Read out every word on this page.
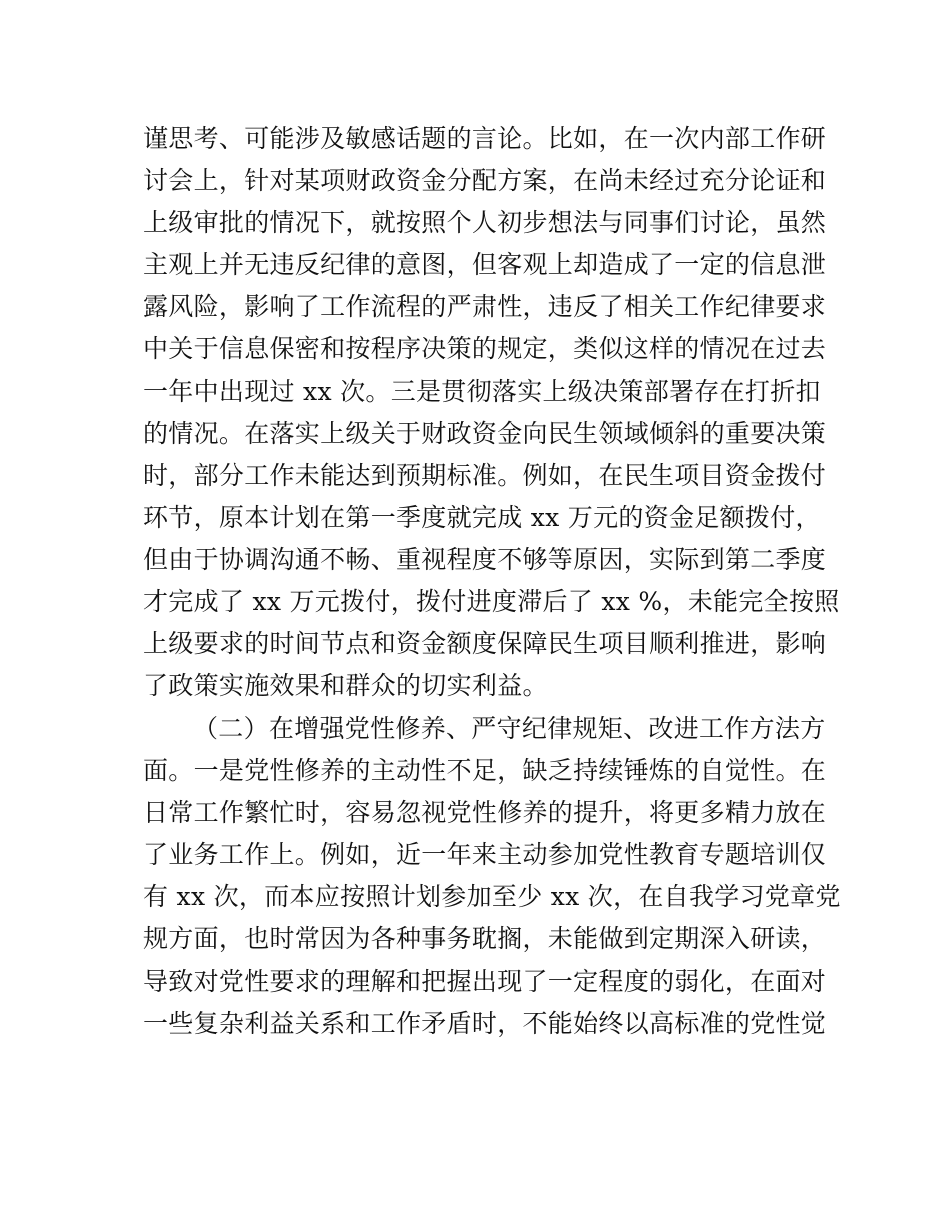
谨思考、可能涉及敏感话题的言论。比如，在一次内部工作研
讨会上，针对某项财政资金分配方案，在尚未经过充分论证和
上级审批的情况下，就按照个人初步想法与同事们讨论，虽然
主观上并无违反纪律的意图，但客观上却造成了一定的信息泄
露风险，影响了工作流程的严肃性，违反了相关工作纪律要求
中关于信息保密和按程序决策的规定，类似这样的情况在过去
一年中出现过 xx 次。三是贯彻落实上级决策部署存在打折扣
的情况。在落实上级关于财政资金向民生领域倾斜的重要决策
时，部分工作未能达到预期标准。例如，在民生项目资金拨付
环节，原本计划在第一季度就完成 xx 万元的资金足额拨付，
但由于协调沟通不畅、重视程度不够等原因，实际到第二季度
才完成了 xx 万元拨付，拨付进度滞后了 xx %，未能完全按照
上级要求的时间节点和资金额度保障民生项目顺利推进，影响
了政策实施效果和群众的切实利益。
（二）在增强党性修养、严守纪律规矩、改进工作方法方
面。一是党性修养的主动性不足，缺乏持续锤炼的自觉性。在
日常工作繁忙时，容易忽视党性修养的提升，将更多精力放在
了业务工作上。例如，近一年来主动参加党性教育专题培训仅
有 xx 次，而本应按照计划参加至少 xx 次，在自我学习党章党
规方面，也时常因为各种事务耽搁，未能做到定期深入研读，
导致对党性要求的理解和把握出现了一定程度的弱化，在面对
一些复杂利益关系和工作矛盾时，不能始终以高标准的党性觉
